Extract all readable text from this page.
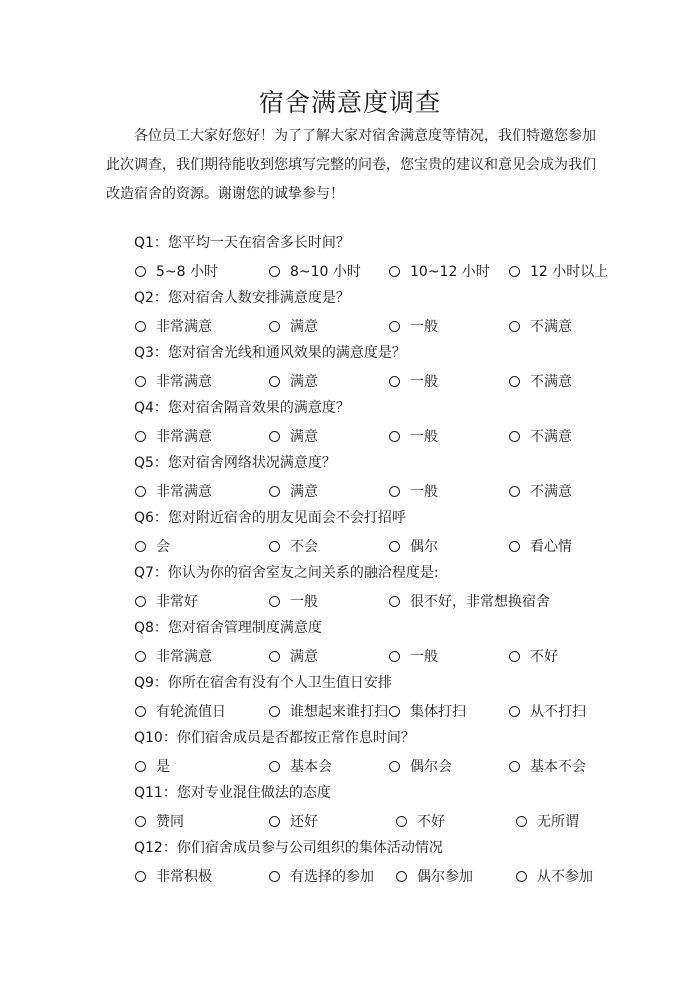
宿舍满意度调查
各位员工大家好您好！为了了解大家对宿舍满意度等情况，我们特邀您参加
此次调查，我们期待能收到您填写完整的问卷，您宝贵的建议和意见会成为我们
改造宿舍的资源。谢谢您的诚挚参与！
Q1：您平均一天在宿舍多长时间？
5~8 小时	8~10 小时	10~12 小时	12 小时以上
Q2：您对宿舍人数安排满意度是？
非常满意	满意	一般	不满意
Q3：您对宿舍光线和通风效果的满意度是？
非常满意	满意	一般	不满意
Q4：您对宿舍隔音效果的满意度？
非常满意	满意	一般	不满意
Q5：您对宿舍网络状况满意度？
非常满意	满意	一般	不满意
Q6：您对附近宿舍的朋友见面会不会打招呼
会	不会	偶尔	看心情
Q7：你认为你的宿舍室友之间关系的融洽程度是:
非常好	一般	很不好，非常想换宿舍
Q8：您对宿舍管理制度满意度
非常满意	满意	一般	不好
Q9：你所在宿舍有没有个人卫生值日安排
有轮流值日	谁想起来谁打扫 集体打扫	从不打扫
Q10：你们宿舍成员是否都按正常作息时间？
是	基本会	偶尔会	基本不会
Q11：您对专业混住做法的态度
赞同	还好	不好	无所谓
Q12：你们宿舍成员参与公司组织的集体活动情况
非常积极	有选择的参加	偶尔参加	从不参加
